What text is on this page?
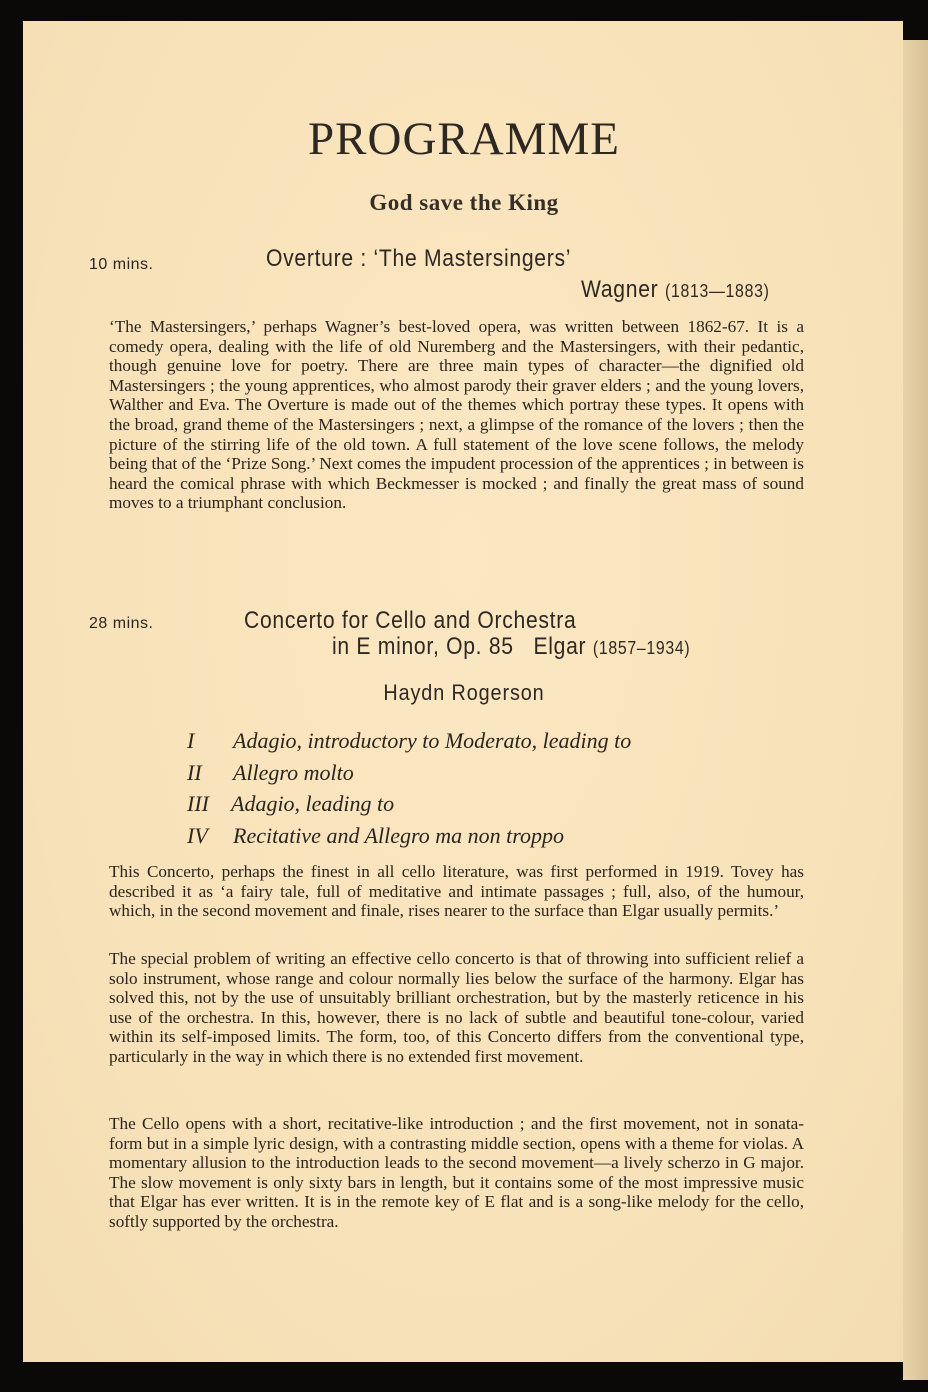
PROGRAMME
God save the King
10 mins.	Overture : ‘The Mastersingers’
Wagner (1813—1883)
‘The Mastersingers,’ perhaps Wagner’s best-loved opera, was written between 1862-67. It is a comedy opera, dealing with the life of old Nuremberg and the Mastersingers, with their pedantic, though genuine love for poetry. There are three main types of character—the dignified old Mastersingers ; the young apprentices, who almost parody their graver elders ; and the young lovers, Walther and Eva. The Overture is made out of the themes which portray these types. It opens with the broad, grand theme of the Mastersingers ; next, a glimpse of the romance of the lovers ; then the picture of the stirring life of the old town. A full statement of the love scene follows, the melody being that of the ‘Prize Song.’ Next comes the impudent procession of the apprentices ; in between is heard the comical phrase with which Beckmesser is mocked ; and finally the great mass of sound moves to a triumphant conclusion.
28 mins.	Concerto for Cello and Orchestra
in E minor, Op. 85 Elgar (1857–1934)
Haydn Rogerson
I Adagio, introductory to Moderato, leading to
II Allegro molto
III Adagio, leading to
IV Recitative and Allegro ma non troppo
This Concerto, perhaps the finest in all cello literature, was first performed in 1919. Tovey has described it as ‘a fairy tale, full of meditative and intimate passages ; full, also, of the humour, which, in the second movement and finale, rises nearer to the surface than Elgar usually permits.’
The special problem of writing an effective cello concerto is that of throwing into sufficient relief a solo instrument, whose range and colour normally lies below the surface of the harmony. Elgar has solved this, not by the use of unsuitably brilliant orchestration, but by the masterly reticence in his use of the orchestra. In this, however, there is no lack of subtle and beautiful tone-colour, varied within its self-imposed limits. The form, too, of this Concerto differs from the conventional type, particularly in the way in which there is no extended first movement.
The Cello opens with a short, recitative-like introduction ; and the first movement, not in sonata-form but in a simple lyric design, with a contrasting middle section, opens with a theme for violas. A momentary allusion to the introduction leads to the second movement—a lively scherzo in G major. The slow movement is only sixty bars in length, but it contains some of the most impressive music that Elgar has ever written. It is in the remote key of E flat and is a song-like melody for the cello, softly supported by the orchestra.
